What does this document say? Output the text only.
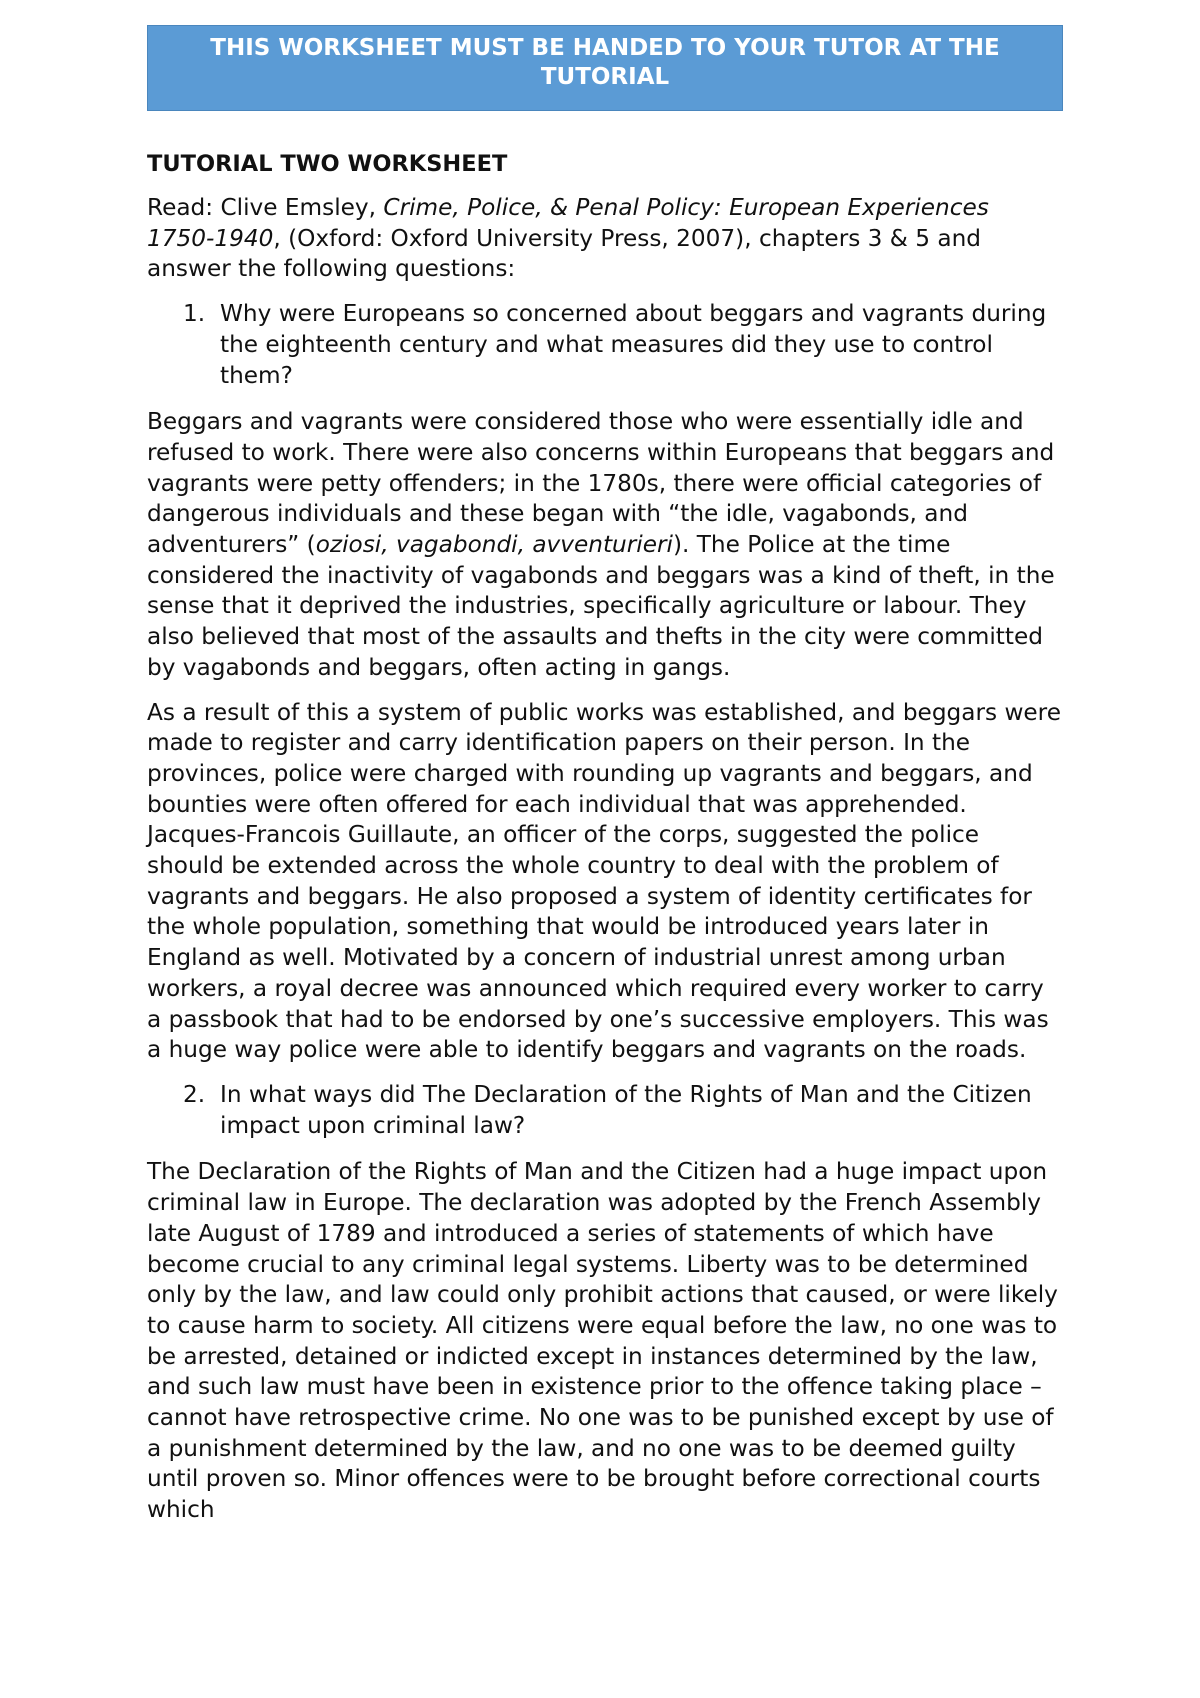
THIS WORKSHEET MUST BE HANDED TO YOUR TUTOR AT THE TUTORIAL
TUTORIAL TWO WORKSHEET

Read: Clive Emsley, Crime, Police, & Penal Policy: European Experiences 1750-1940, (Oxford: Oxford University Press, 2007), chapters 3 & 5 and answer the following questions:

1. Why were Europeans so concerned about beggars and vagrants during the eighteenth century and what measures did they use to control them?

Beggars and vagrants were considered those who were essentially idle and refused to work. There were also concerns within Europeans that beggars and vagrants were petty offenders; in the 1780s, there were official categories of dangerous individuals and these began with “the idle, vagabonds, and adventurers” (oziosi, vagabondi, avventurieri). The Police at the time considered the inactivity of vagabonds and beggars was a kind of theft, in the sense that it deprived the industries, specifically agriculture or labour. They also believed that most of the assaults and thefts in the city were committed by vagabonds and beggars, often acting in gangs.

As a result of this a system of public works was established, and beggars were made to register and carry identification papers on their person. In the provinces, police were charged with rounding up vagrants and beggars, and bounties were often offered for each individual that was apprehended. Jacques-Francois Guillaute, an officer of the corps, suggested the police should be extended across the whole country to deal with the problem of vagrants and beggars. He also proposed a system of identity certificates for the whole population, something that would be introduced years later in England as well. Motivated by a concern of industrial unrest among urban workers, a royal decree was announced which required every worker to carry a passbook that had to be endorsed by one’s successive employers. This was a huge way police were able to identify beggars and vagrants on the roads.

2. In what ways did The Declaration of the Rights of Man and the Citizen impact upon criminal law?

The Declaration of the Rights of Man and the Citizen had a huge impact upon criminal law in Europe. The declaration was adopted by the French Assembly late August of 1789 and introduced a series of statements of which have become crucial to any criminal legal systems. Liberty was to be determined only by the law, and law could only prohibit actions that caused, or were likely to cause harm to society. All citizens were equal before the law, no one was to be arrested, detained or indicted except in instances determined by the law, and such law must have been in existence prior to the offence taking place – cannot have retrospective crime. No one was to be punished except by use of a punishment determined by the law, and no one was to be deemed guilty until proven so. Minor offences were to be brought before correctional courts which
